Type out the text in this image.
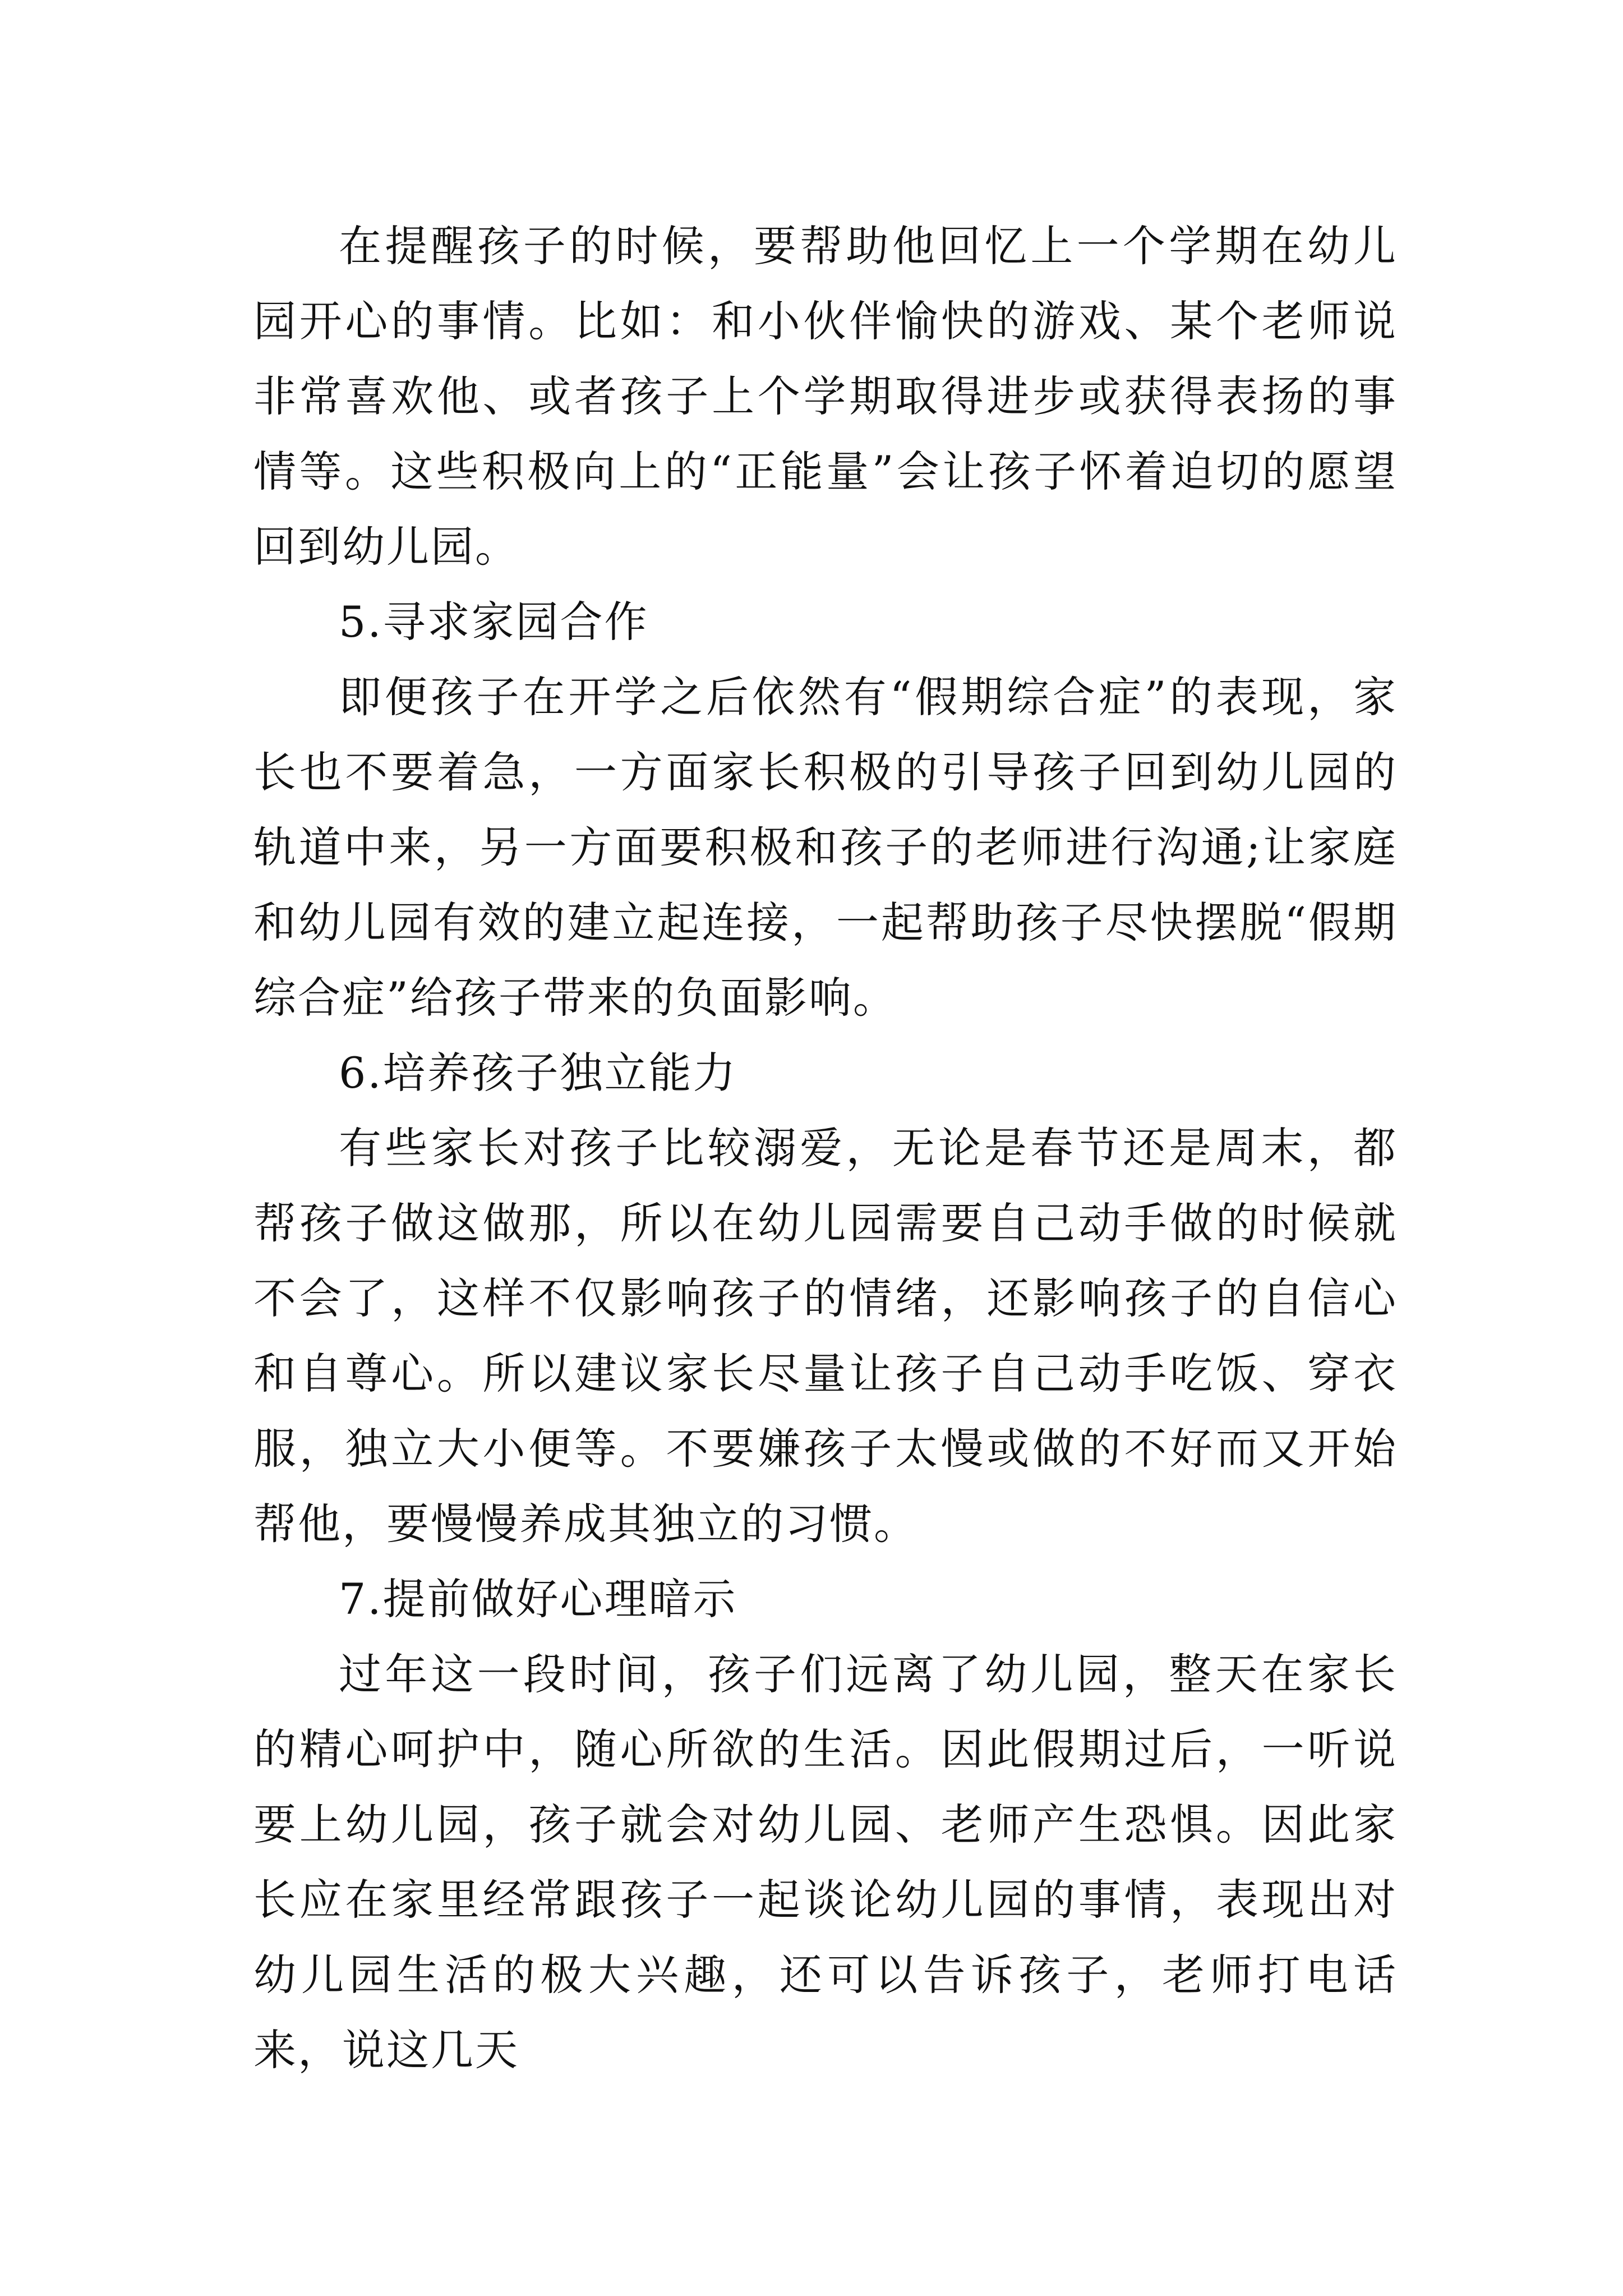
在提醒孩子的时候，要帮助他回忆上一个学期在幼儿园开心的事情。比如：和小伙伴愉快的游戏、某个老师说非常喜欢他、或者孩子上个学期取得进步或获得表扬的事情等。这些积极向上的“正能量”会让孩子怀着迫切的愿望回到幼儿园。

5.寻求家园合作

即便孩子在开学之后依然有“假期综合症”的表现，家长也不要着急，一方面家长积极的引导孩子回到幼儿园的轨道中来，另一方面要积极和孩子的老师进行沟通;让家庭和幼儿园有效的建立起连接，一起帮助孩子尽快摆脱“假期综合症”给孩子带来的负面影响。

6.培养孩子独立能力

有些家长对孩子比较溺爱，无论是春节还是周末，都帮孩子做这做那，所以在幼儿园需要自己动手做的时候就不会了，这样不仅影响孩子的情绪，还影响孩子的自信心和自尊心。所以建议家长尽量让孩子自己动手吃饭、穿衣服，独立大小便等。不要嫌孩子太慢或做的不好而又开始帮他，要慢慢养成其独立的习惯。

7.提前做好心理暗示

过年这一段时间，孩子们远离了幼儿园，整天在家长的精心呵护中，随心所欲的生活。因此假期过后，一听说要上幼儿园，孩子就会对幼儿园、老师产生恐惧。因此家长应在家里经常跟孩子一起谈论幼儿园的事情，表现出对幼儿园生活的极大兴趣，还可以告诉孩子，老师打电话来，说这几天
